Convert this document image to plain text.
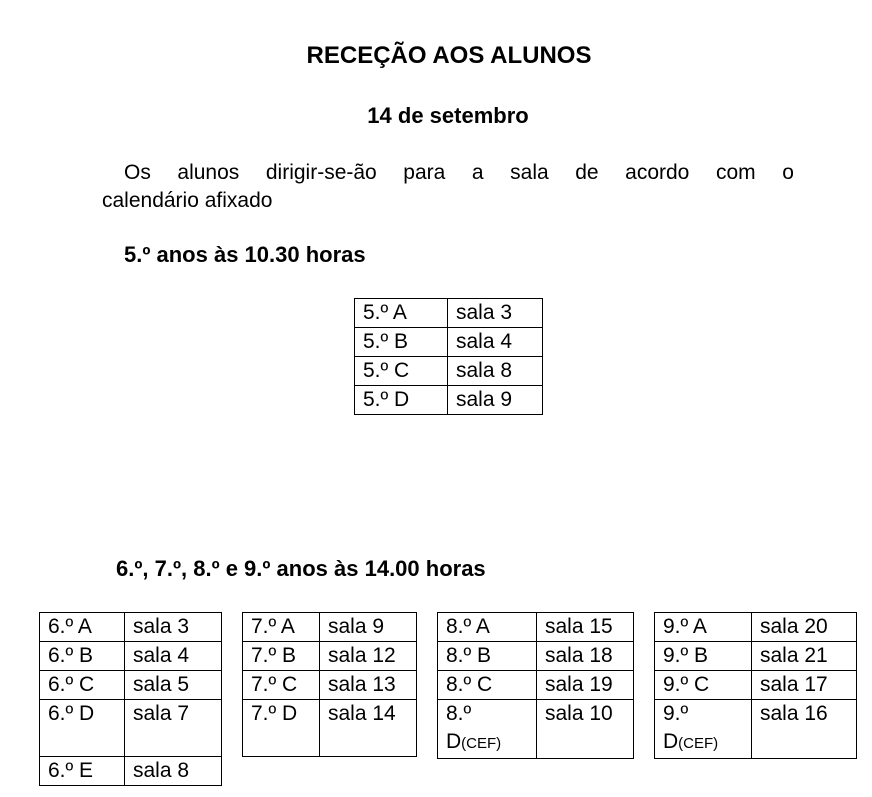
RECEÇÃO AOS ALUNOS
14 de setembro
Os alunos dirigir-se-ão para a sala de acordo com o
calendário afixado
5.º anos às 10.30 horas
5.º A	sala 3
5.º B	sala 4
5.º C	sala 8
5.º D	sala 9
6.º, 7.º, 8.º e 9.º anos às 14.00 horas
6.º A	sala 3
6.º B	sala 4
6.º C	sala 5
6.º D	sala 7
6.º E	sala 8
7.º A	sala 9
7.º B	sala 12
7.º C	sala 13
7.º D	sala 14
8.º A	sala 15
8.º B	sala 18
8.º C	sala 19

8.º
D(CEF)	sala 10
9.º A	sala 20
9.º B	sala 21
9.º C	sala 17

9.º
D(CEF)	sala 16
